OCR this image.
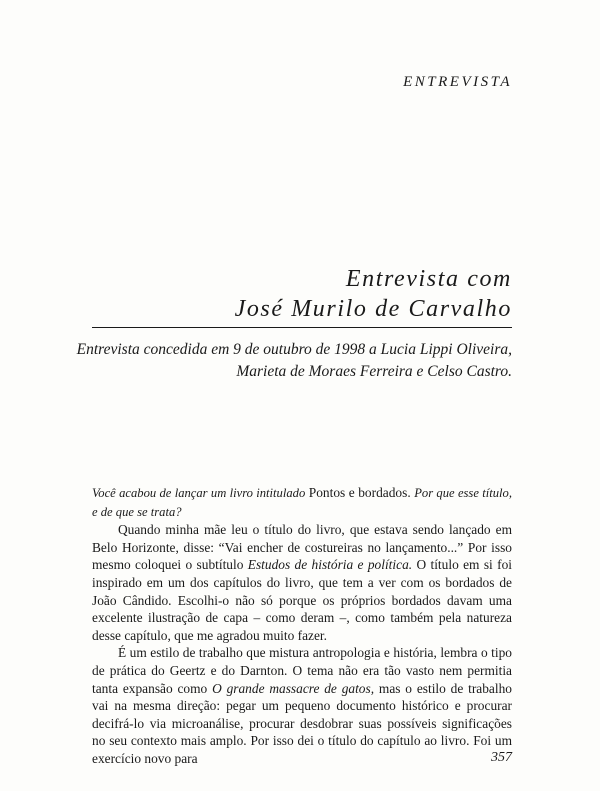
ENTREVISTA
Entrevista com
José Murilo de Carvalho

Entrevista concedida em 9 de outubro de 1998 a Lucia Lippi Oliveira,

Marieta de Moraes Ferreira e Celso Castro.

Você acabou de lançar um livro intitulado Pontos e bordados. Por que esse título, e de que se trata?

Quando minha mãe leu o título do livro, que estava sendo lançado em Belo Horizonte, disse: “Vai encher de costureiras no lançamento...” Por isso mesmo coloquei o subtítulo Estudos de história e política. O título em si foi inspirado em um dos capítulos do livro, que tem a ver com os bordados de João Cândido. Escolhi-o não só porque os próprios bordados davam uma excelente ilustração de capa – como deram –, como também pela natureza desse capítulo, que me agradou muito fazer.

É um estilo de trabalho que mistura antropologia e história, lembra o tipo de prática do Geertz e do Darnton. O tema não era tão vasto nem permitia tanta expansão como O grande massacre de gatos, mas o estilo de trabalho vai na mesma direção: pegar um pequeno documento histórico e procurar decifrá-lo via microanálise, procurar desdobrar suas possíveis significações no seu contexto mais amplo. Por isso dei o título do capítulo ao livro. Foi um exercício novo para	357
